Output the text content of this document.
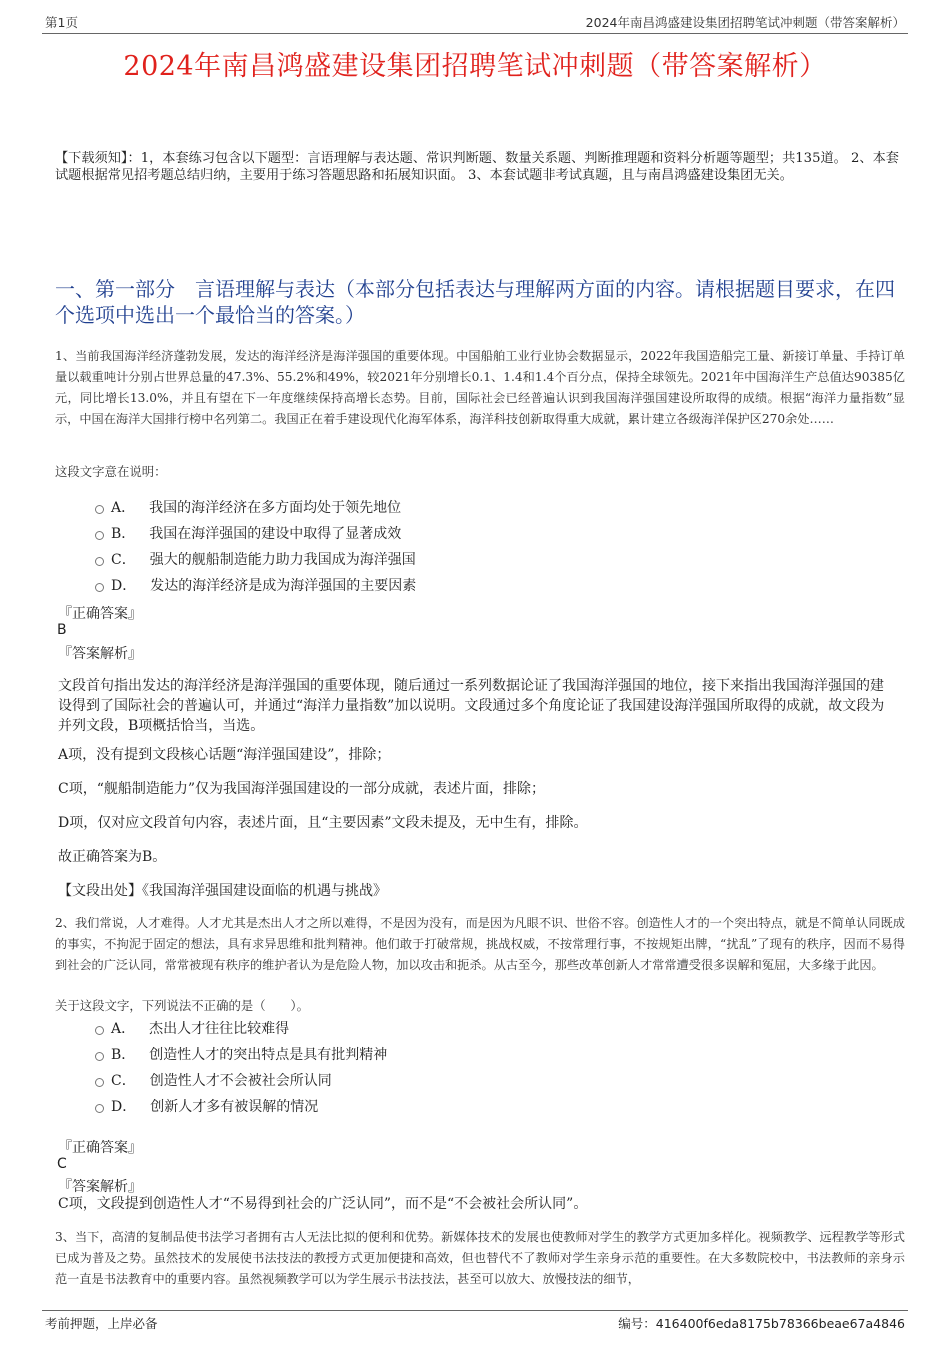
第1页	2024年南昌鸿盛建设集团招聘笔试冲刺题（带答案解析）
2024年南昌鸿盛建设集团招聘笔试冲刺题（带答案解析）
【下载须知】：1，本套练习包含以下题型：言语理解与表达题、常识判断题、数量关系题、判断推理题和资料分析题等题型；共135道。 2、本套试题根据常见招考题总结归纳，主要用于练习答题思路和拓展知识面。 3、本套试题非考试真题，且与南昌鸿盛建设集团无关。
一、第一部分　言语理解与表达（本部分包括表达与理解两方面的内容。请根据题目要求，在四个选项中选出一个最恰当的答案。）
1、当前我国海洋经济蓬勃发展，发达的海洋经济是海洋强国的重要体现。中国船舶工业行业协会数据显示，2022年我国造船完工量、新接订单量、手持订单量以载重吨计分别占世界总量的47.3%、55.2%和49%，较2021年分别增长0.1、1.4和1.4个百分点，保持全球领先。2021年中国海洋生产总值达90385亿元，同比增长13.0%，并且有望在下一年度继续保持高增长态势。目前，国际社会已经普遍认识到我国海洋强国建设所取得的成绩。根据“海洋力量指数”显示，中国在海洋大国排行榜中名列第二。我国正在着手建设现代化海军体系，海洋科技创新取得重大成就，累计建立各级海洋保护区270余处……
这段文字意在说明：
A． 我国的海洋经济在多方面均处于领先地位
B． 我国在海洋强国的建设中取得了显著成效
C． 强大的舰船制造能力助力我国成为海洋强国
D． 发达的海洋经济是成为海洋强国的主要因素
『正确答案』
B
『答案解析』
文段首句指出发达的海洋经济是海洋强国的重要体现，随后通过一系列数据论证了我国海洋强国的地位，接下来指出我国海洋强国的建设得到了国际社会的普遍认可，并通过“海洋力量指数”加以说明。文段通过多个角度论证了我国建设海洋强国所取得的成就，故文段为并列文段，B项概括恰当，当选。
A项，没有提到文段核心话题“海洋强国建设”，排除；
C项，“舰船制造能力”仅为我国海洋强国建设的一部分成就，表述片面，排除；
D项，仅对应文段首句内容，表述片面，且“主要因素”文段未提及，无中生有，排除。
故正确答案为B。
【文段出处】《我国海洋强国建设面临的机遇与挑战》
2、我们常说，人才难得。人才尤其是杰出人才之所以难得，不是因为没有，而是因为凡眼不识、世俗不容。创造性人才的一个突出特点，就是不简单认同既成的事实，不拘泥于固定的想法，具有求异思维和批判精神。他们敢于打破常规，挑战权威，不按常理行事，不按规矩出牌，“扰乱”了现有的秩序，因而不易得到社会的广泛认同，常常被现有秩序的维护者认为是危险人物，加以攻击和扼杀。从古至今，那些改革创新人才常常遭受很多误解和冤屈，大多缘于此因。
关于这段文字，下列说法不正确的是（　　）。
A． 杰出人才往往比较难得
B． 创造性人才的突出特点是具有批判精神
C． 创造性人才不会被社会所认同
D． 创新人才多有被误解的情况
『正确答案』
C
『答案解析』
C项，文段提到创造性人才“不易得到社会的广泛认同”，而不是“不会被社会所认同”。
3、当下，高清的复制品使书法学习者拥有古人无法比拟的便利和优势。新媒体技术的发展也使教师对学生的教学方式更加多样化。视频教学、远程教学等形式已成为普及之势。虽然技术的发展使书法技法的教授方式更加便捷和高效，但也替代不了教师对学生亲身示范的重要性。在大多数院校中，书法教师的亲身示范一直是书法教育中的重要内容。虽然视频教学可以为学生展示书法技法，甚至可以放大、放慢技法的细节，
考前押题，上岸必备	编号：416400f6eda8175b78366beae67a4846
